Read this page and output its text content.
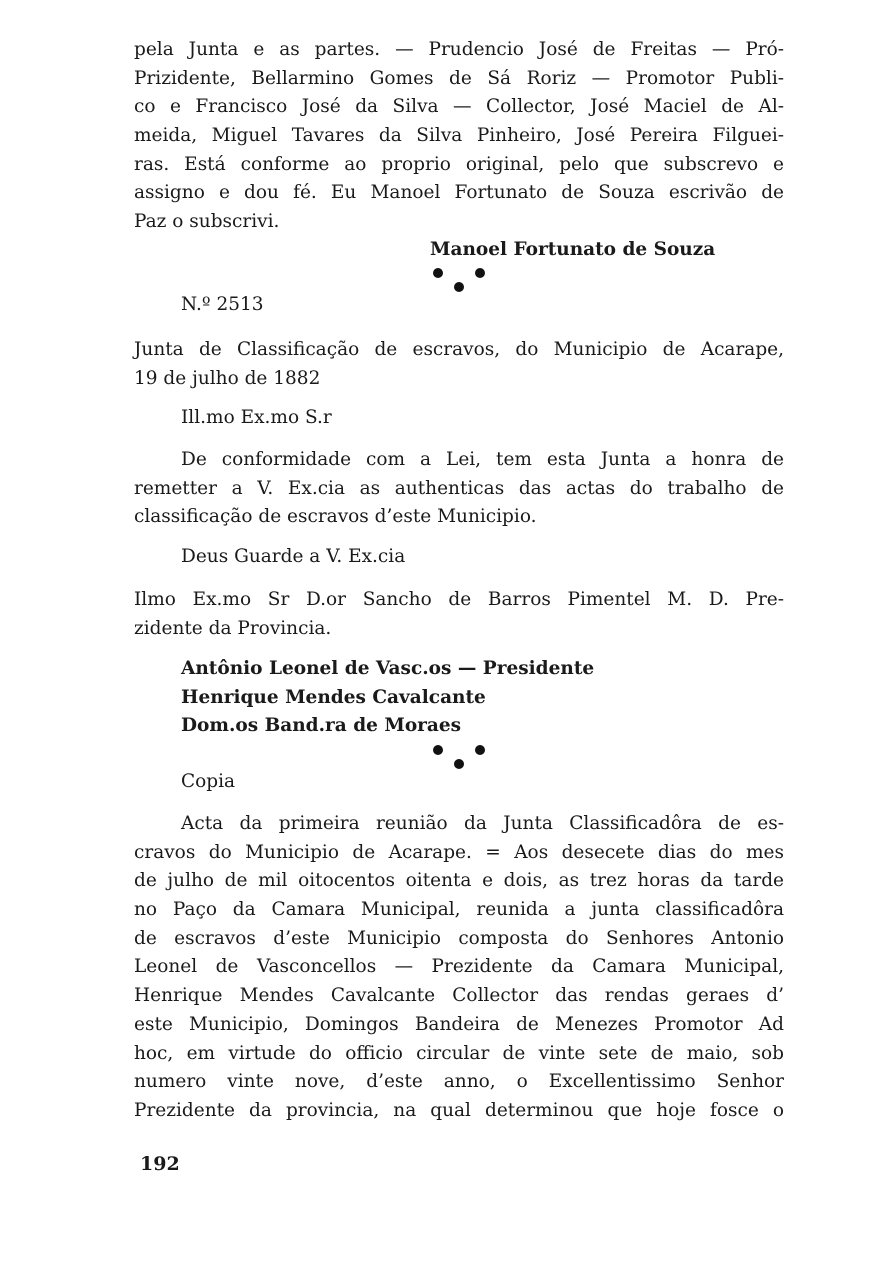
pela Junta e as partes. — Prudencio José de Freitas — Pró-
Prizidente, Bellarmino Gomes de Sá Roriz — Promotor Publi-
co e Francisco José da Silva — Collector, José Maciel de Al-
meida, Miguel Tavares da Silva Pinheiro, José Pereira Filguei-
ras. Está conforme ao proprio original, pelo que subscrevo e
assigno e dou fé. Eu Manoel Fortunato de Souza escrivão de
Paz o subscrivi.
Manoel Fortunato de Souza
N.º 2513
Junta de Classificação de escravos, do Municipio de Acarape,
19 de julho de 1882
Ill.mo Ex.mo S.r
De conformidade com a Lei, tem esta Junta a honra de
remetter a V. Ex.cia as authenticas das actas do trabalho de
classificação de escravos d’este Municipio.
Deus Guarde a V. Ex.cia
Ilmo Ex.mo Sr D.or Sancho de Barros Pimentel M. D. Pre-
zidente da Provincia.
Antônio Leonel de Vasc.os — Presidente
Henrique Mendes Cavalcante
Dom.os Band.ra de Moraes
Copia
Acta da primeira reunião da Junta Classificadôra de es-
cravos do Municipio de Acarape. = Aos desecete dias do mes
de julho de mil oitocentos oitenta e dois, as trez horas da tarde
no Paço da Camara Municipal, reunida a junta classificadôra
de escravos d’este Municipio composta do Senhores Antonio
Leonel de Vasconcellos — Prezidente da Camara Municipal,
Henrique Mendes Cavalcante Collector das rendas geraes d’
este Municipio, Domingos Bandeira de Menezes Promotor Ad
hoc, em virtude do officio circular de vinte sete de maio, sob
numero vinte nove, d’este anno, o Excellentissimo Senhor
Prezidente da provincia, na qual determinou que hoje fosce o
192
